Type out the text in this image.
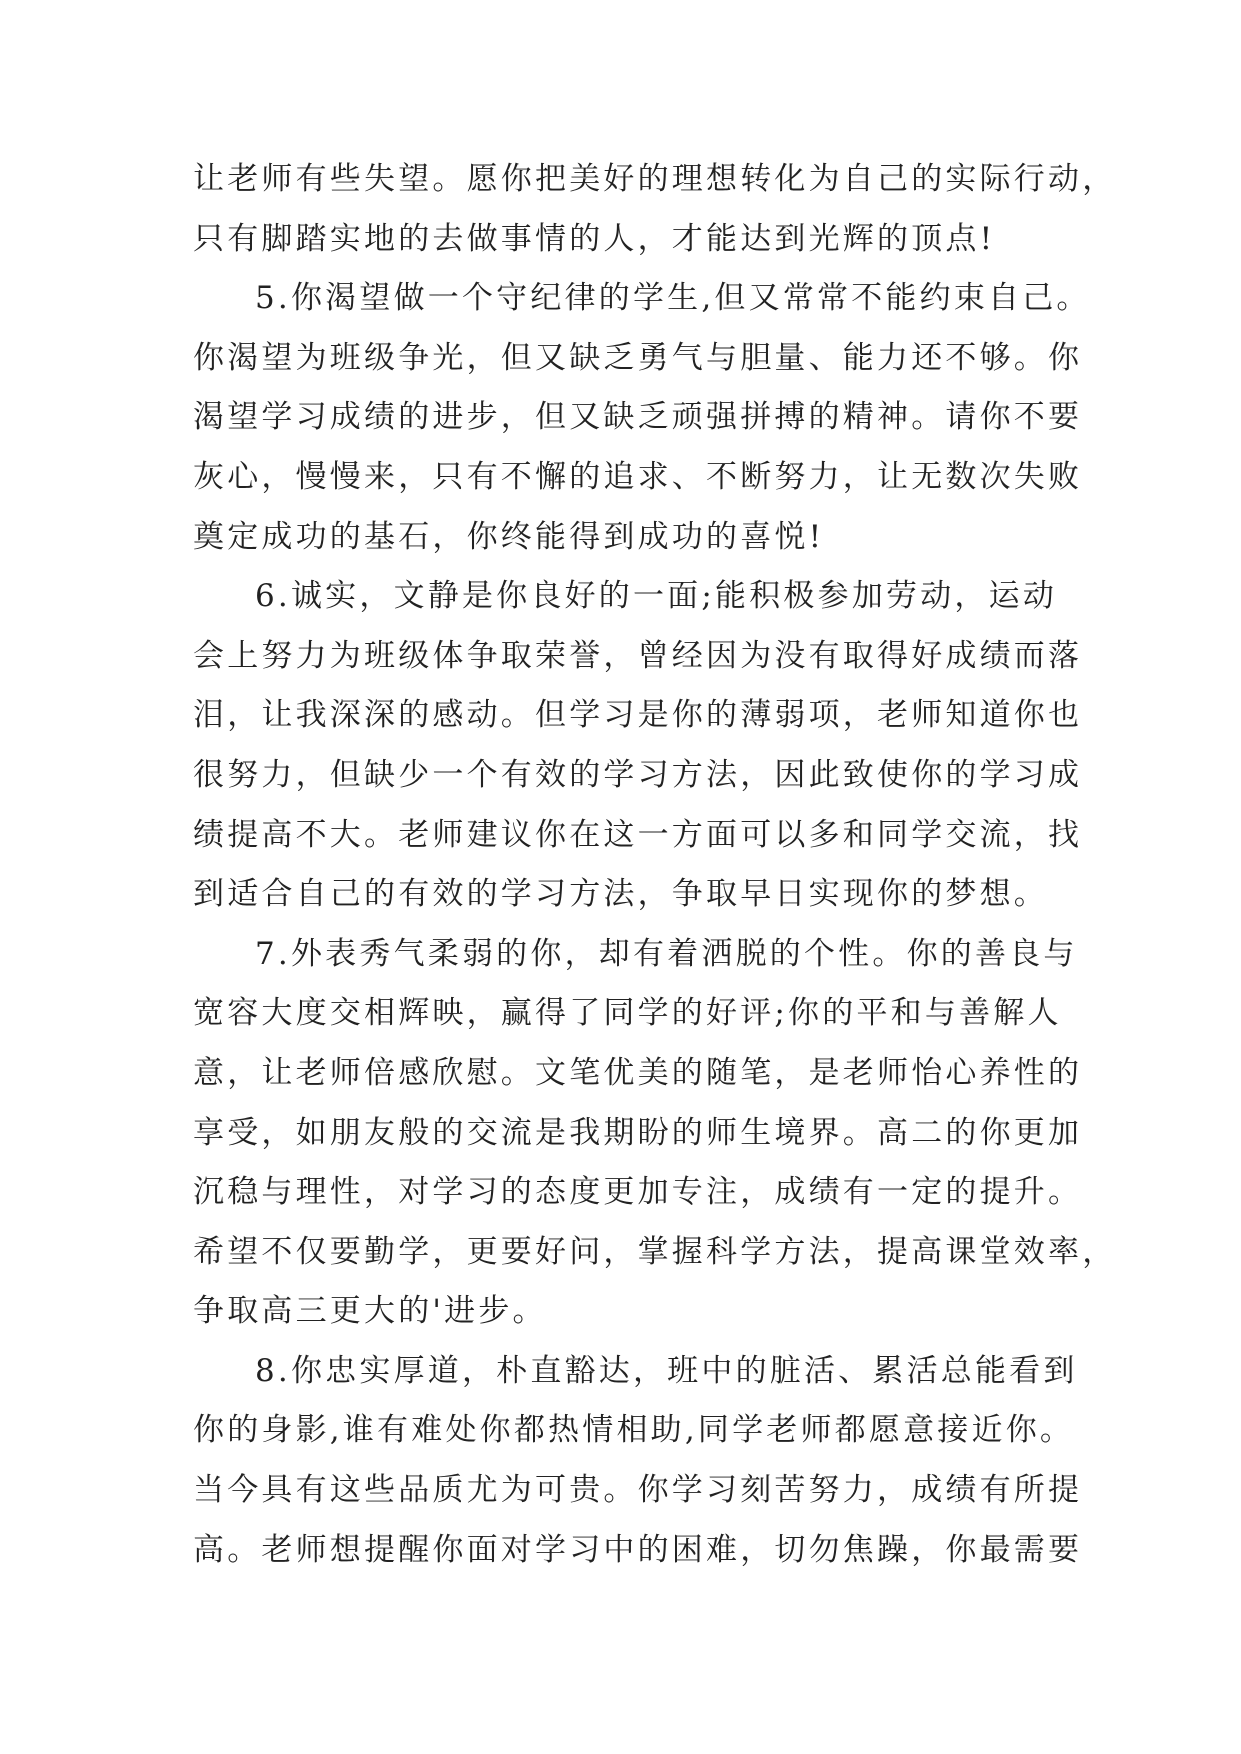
让老师有些失望。愿你把美好的理想转化为自己的实际行动，
只有脚踏实地的去做事情的人，才能达到光辉的顶点!
5.你渴望做一个守纪律的学生,但又常常不能约束自己。
你渴望为班级争光，但又缺乏勇气与胆量、能力还不够。你
渴望学习成绩的进步，但又缺乏顽强拼搏的精神。请你不要
灰心，慢慢来，只有不懈的追求、不断努力，让无数次失败
奠定成功的基石，你终能得到成功的喜悦!
6.诚实，文静是你良好的一面;能积极参加劳动，运动
会上努力为班级体争取荣誉，曾经因为没有取得好成绩而落
泪，让我深深的感动。但学习是你的薄弱项，老师知道你也
很努力，但缺少一个有效的学习方法，因此致使你的学习成
绩提高不大。老师建议你在这一方面可以多和同学交流，找
到适合自己的有效的学习方法，争取早日实现你的梦想。
7.外表秀气柔弱的你，却有着洒脱的个性。你的善良与
宽容大度交相辉映，赢得了同学的好评;你的平和与善解人
意，让老师倍感欣慰。文笔优美的随笔，是老师怡心养性的
享受，如朋友般的交流是我期盼的师生境界。高二的你更加
沉稳与理性，对学习的态度更加专注，成绩有一定的提升。
希望不仅要勤学，更要好问，掌握科学方法，提高课堂效率，
争取高三更大的'进步。
8.你忠实厚道，朴直豁达，班中的脏活、累活总能看到
你的身影,谁有难处你都热情相助,同学老师都愿意接近你。
当今具有这些品质尤为可贵。你学习刻苦努力，成绩有所提
高。老师想提醒你面对学习中的困难，切勿焦躁，你最需要
